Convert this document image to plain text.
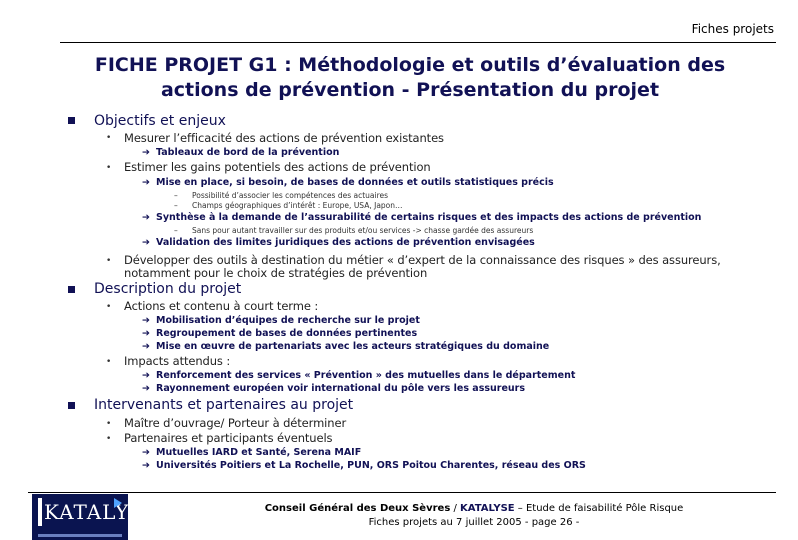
Fiches projets
FICHE PROJET G1 : Méthodologie et outils d’évaluation des
actions de prévention - Présentation du projet
Objectifs et enjeux
• Mesurer l’efficacité des actions de prévention existantes
➔ Tableaux de bord de la prévention
• Estimer les gains potentiels des actions de prévention
➔ Mise en place, si besoin, de bases de données et outils statistiques précis
– Possibilité d’associer les compétences des actuaires
– Champs géographiques d’intérêt : Europe, USA, Japon…
➔ Synthèse à la demande de l’assurabilité de certains risques et des impacts des actions de prévention
– Sans pour autant travailler sur des produits et/ou services -> chasse gardée des assureurs
➔ Validation des limites juridiques des actions de prévention envisagées
• Développer des outils à destination du métier « d’expert de la connaissance des risques » des assureurs,
notamment pour le choix de stratégies de prévention
Description du projet
• Actions et contenu à court terme :
➔ Mobilisation d’équipes de recherche sur le projet
➔ Regroupement de bases de données pertinentes
➔ Mise en œuvre de partenariats avec les acteurs stratégiques du domaine
• Impacts attendus :
➔ Renforcement des services « Prévention » des mutuelles dans le département
➔ Rayonnement européen voir international du pôle vers les assureurs
Intervenants et partenaires au projet
• Maître d’ouvrage/ Porteur à déterminer
• Partenaires et participants éventuels
➔ Mutuelles IARD et Santé, Serena MAIF
➔ Universités Poitiers et La Rochelle, PUN, ORS Poitou Charentes, réseau des ORS
KATALYSE	Conseil Général des Deux Sèvres / KATALYSE – Etude de faisabilité Pôle Risque
Fiches projets au 7 juillet 2005 - page 26 -
